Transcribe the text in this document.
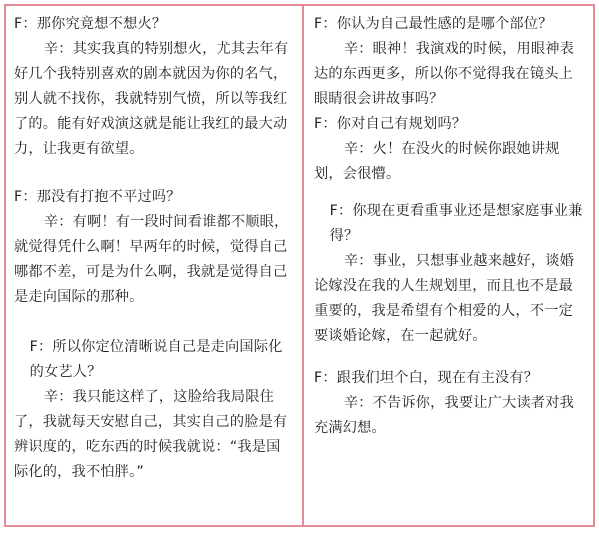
F：那你究竟想不想火？

辛：其实我真的特别想火，尤其去年有好几个我特别喜欢的剧本就因为你的名气，别人就不找你，我就特别气愤，所以等我红了的。能有好戏演这就是能让我红的最大动力，让我更有欲望。

F：那没有打抱不平过吗？

辛：有啊！有一段时间看谁都不顺眼，就觉得凭什么啊！早两年的时候，觉得自己哪都不差，可是为什么啊，我就是觉得自己是走向国际的那种。

F：所以你定位清晰说自己是走向国际化的女艺人？

辛：我只能这样了，这脸给我局限住了，我就每天安慰自己，其实自己的脸是有辨识度的，吃东西的时候我就说：“我是国际化的，我不怕胖。”

F：你认为自己最性感的是哪个部位？

辛：眼神！我演戏的时候，用眼神表达的东西更多，所以你不觉得我在镜头上眼睛很会讲故事吗？

F：你对自己有规划吗？

辛：火！在没火的时候你跟她讲规划，会很懵。

F：你现在更看重事业还是想家庭事业兼得？

辛：事业，只想事业越来越好，谈婚论嫁没在我的人生规划里，而且也不是最重要的，我是希望有个相爱的人，不一定要谈婚论嫁，在一起就好。

F：跟我们坦个白，现在有主没有？

辛：不告诉你，我要让广大读者对我充满幻想。
